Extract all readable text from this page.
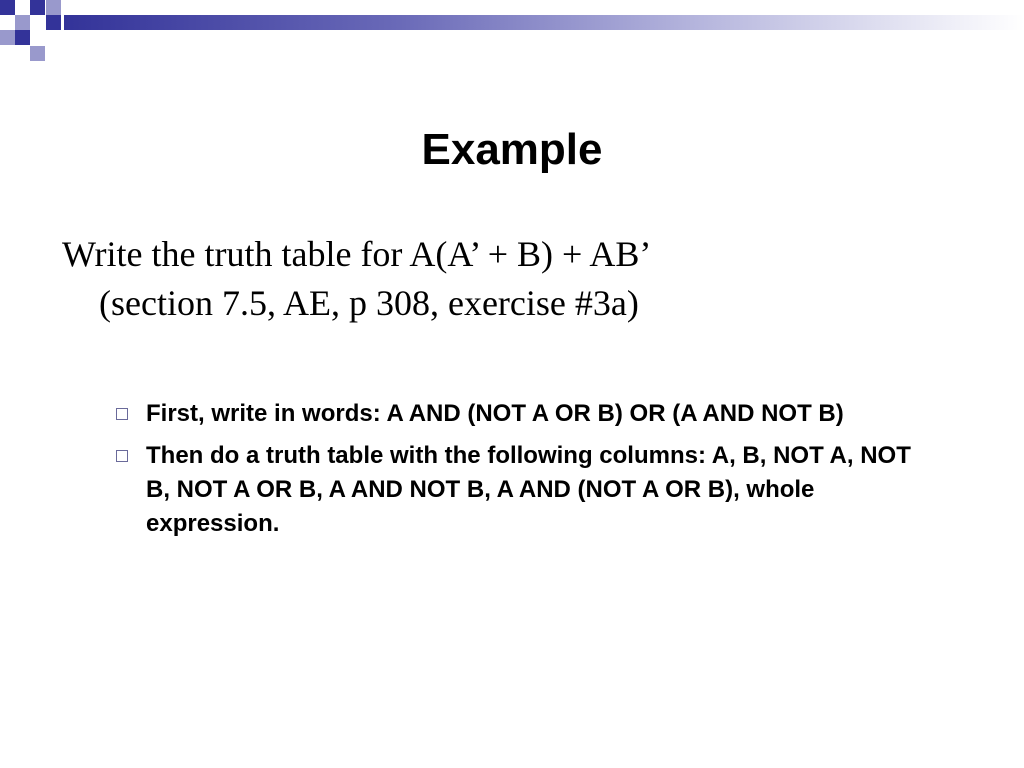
Example

Write the truth table for A(A’ + B) + AB’
(section 7.5, AE, p 308, exercise #3a)

First, write in words: A AND (NOT A OR B) OR (A AND NOT B)
Then do a truth table with the following columns: A, B, NOT A, NOT B, NOT A OR B, A AND NOT B, A AND (NOT A OR B), whole expression.
